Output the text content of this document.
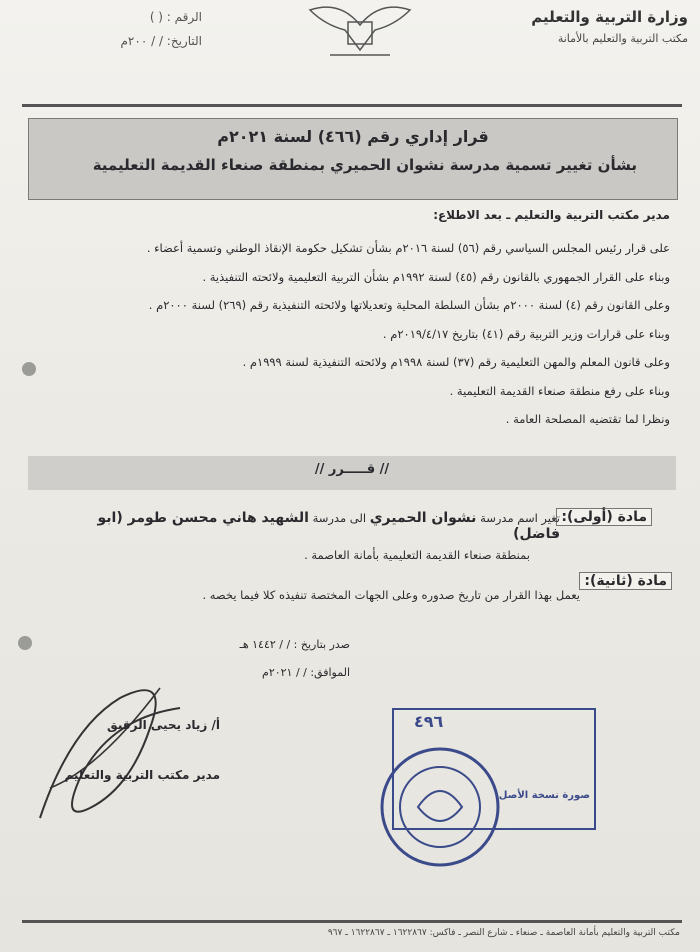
وزارة التربية والتعليم
مكتب التربية والتعليم بالأمانة
الرقم : ( )
التاريخ: / / ٢٠٠م
قرار إداري رقم (٤٦٦) لسنة ٢٠٢١م
بشأن تغيير تسمية مدرسة نشوان الحميري بمنطقة صنعاء القديمة التعليمية
مدير مكتب التربية والتعليم ـ بعد الاطلاع:
على قرار رئيس المجلس السياسي رقم (٥٦) لسنة ٢٠١٦م بشأن تشكيل حكومة الإنقاذ الوطني وتسمية أعضاء .
وبناء على القرار الجمهوري بالقانون رقم (٤٥) لسنة ١٩٩٢م بشأن التربية التعليمية ولائحته التنفيذية .
وعلى القانون رقم (٤) لسنة ٢٠٠٠م بشأن السلطة المحلية وتعديلاتها ولائحته التنفيذية رقم (٢٦٩) لسنة ٢٠٠٠م .
وبناء على قرارات وزير التربية رقم (٤١) بتاريخ ٢٠١٩/٤/١٧م .
وعلى قانون المعلم والمهن التعليمية رقم (٣٧) لسنة ١٩٩٨م ولائحته التنفيذية لسنة ١٩٩٩م .
وبناء على رفع منطقة صنعاء القديمة التعليمية .
ونظرا لما تقتضيه المصلحة العامة .
// قـــــرر //
مادة (أولى):
تغير اسم مدرسة نشوان الحميري الى مدرسة الشهيد هاني محسن طومر (ابو فاضل)
بمنطقة صنعاء القديمة التعليمية بأمانة العاصمة .
مادة (ثانية):
يعمل بهذا القرار من تاريخ صدوره وعلى الجهات المختصة تنفيذه كلا فيما يخصه .
صدر بتاريخ : / / ١٤٤٢ هـ
الموافق: / / ٢٠٢١م
أ/ زياد يحيى الرقيق
مدير مكتب التربية والتعليم
٤٩٦
صورة نسخة الأصل
مكتب التربية والتعليم بأمانة العاصمة ـ صنعاء ـ شارع النصر ـ فاكس: ١٦٢٢٨٦٧ ـ ١٦٢٢٨٦٧ ـ ٩٦٧
